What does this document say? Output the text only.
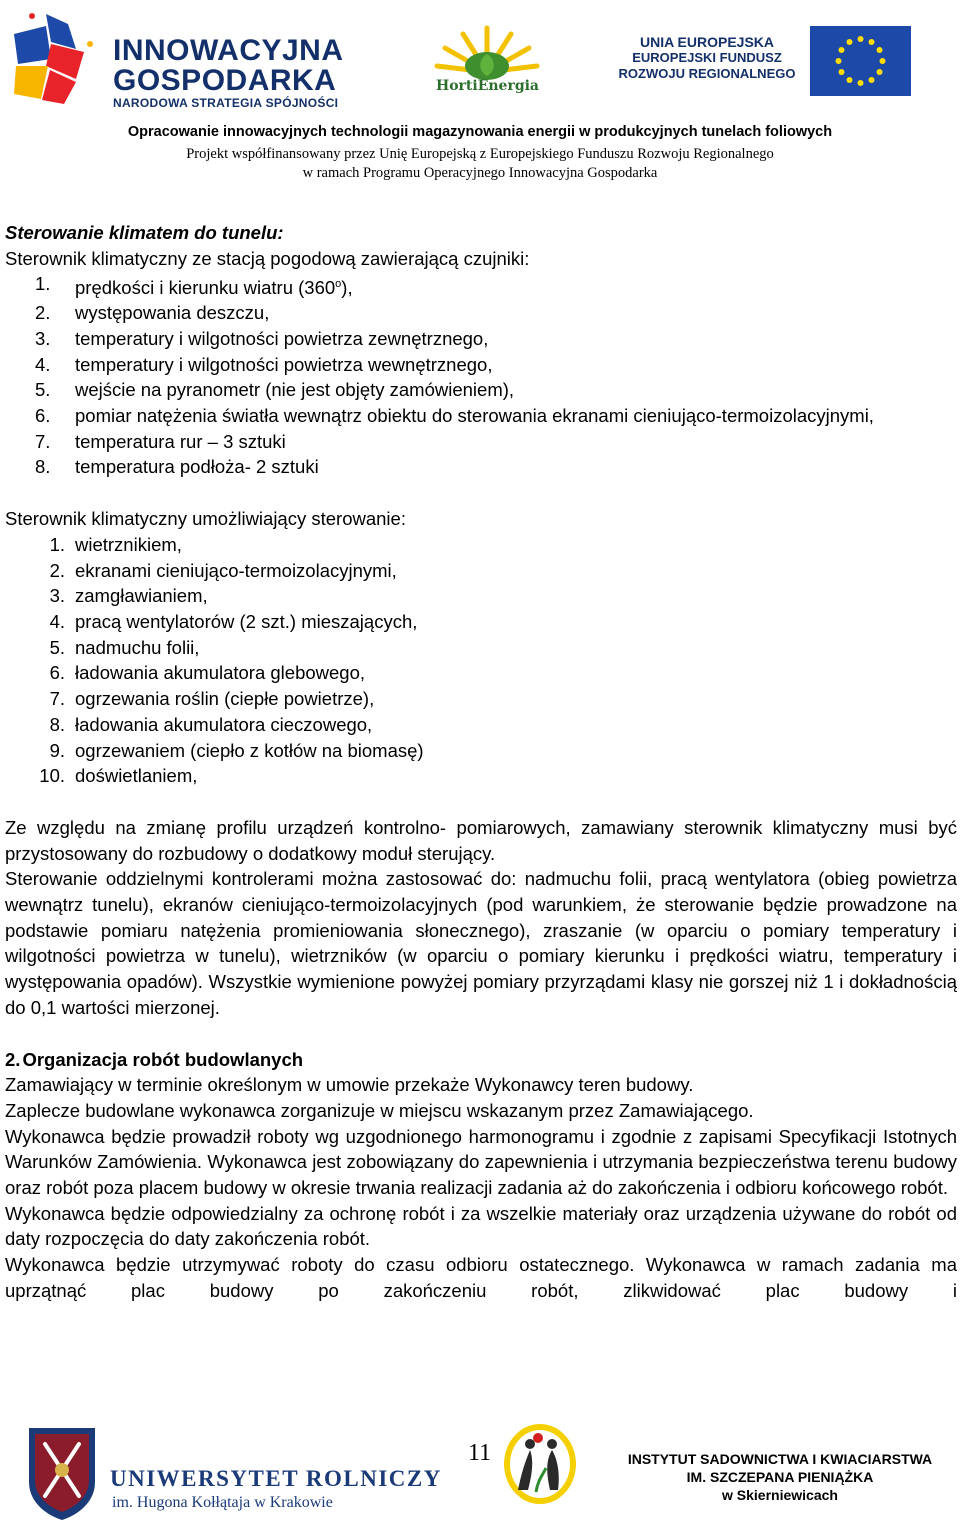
INNOWACYJNA
GOSPODARKA
NARODOWA STRATEGIA SPÓJNOŚCI
HortiEnergia
UNIA EUROPEJSKA
EUROPEJSKI FUNDUSZ
ROZWOJU REGIONALNEGO
Opracowanie innowacyjnych technologii magazynowania energii w produkcyjnych tunelach foliowych
Projekt współfinansowany przez Unię Europejską z Europejskiego Funduszu Rozwoju Regionalnego
w ramach Programu Operacyjnego Innowacyjna Gospodarka

Sterowanie klimatem do tunelu:

Sterownik klimatyczny ze stacją pogodową zawierającą czujniki:

1. prędkości i kierunku wiatru (360$^o$),
2. występowania deszczu,
3. temperatury i wilgotności powietrza zewnętrznego,
4. temperatury i wilgotności powietrza wewnętrznego,
5. wejście na pyranometr (nie jest objęty zamówieniem),
6. pomiar natężenia światła wewnątrz obiektu do sterowania ekranami cieniująco-termoizolacyjnymi,
7. temperatura rur – 3 sztuki
8. temperatura podłoża- 2 sztuki

Sterownik klimatyczny umożliwiający sterowanie:

1. wietrznikiem,
2. ekranami cieniująco-termoizolacyjnymi,
3. zamgławianiem,
4. pracą wentylatorów (2 szt.) mieszających,
5. nadmuchu folii,
6. ładowania akumulatora glebowego,
7. ogrzewania roślin (ciepłe powietrze),
8. ładowania akumulatora cieczowego,
9. ogrzewaniem (ciepło z kotłów na biomasę)
10. doświetlaniem,

Ze względu na zmianę profilu urządzeń kontrolno- pomiarowych, zamawiany sterownik klimatyczny musi być przystosowany do rozbudowy o dodatkowy moduł sterujący.

Sterowanie oddzielnymi kontrolerami można zastosować do: nadmuchu folii, pracą wentylatora (obieg powietrza wewnątrz tunelu), ekranów cieniująco-termoizolacyjnych (pod warunkiem, że sterowanie będzie prowadzone na podstawie pomiaru natężenia promieniowania słonecznego), zraszanie (w oparciu o pomiary temperatury i wilgotności powietrza w tunelu), wietrzników (w oparciu o pomiary kierunku i prędkości wiatru, temperatury i występowania opadów). Wszystkie wymienione powyżej pomiary przyrządami klasy nie gorszej niż 1 i dokładnością do 0,1 wartości mierzonej.

2. Organizacja robót budowlanych

Zamawiający w terminie określonym w umowie przekaże Wykonawcy teren budowy.

Zaplecze budowlane wykonawca zorganizuje w miejscu wskazanym przez Zamawiającego.

Wykonawca będzie prowadził roboty wg uzgodnionego harmonogramu i zgodnie z zapisami Specyfikacji Istotnych Warunków Zamówienia. Wykonawca jest zobowiązany do zapewnienia i utrzymania bezpieczeństwa terenu budowy oraz robót poza placem budowy w okresie trwania realizacji zadania aż do zakończenia i odbioru końcowego robót.

Wykonawca będzie odpowiedzialny za ochronę robót i za wszelkie materiały oraz urządzenia używane do robót od daty rozpoczęcia do daty zakończenia robót.

Wykonawca będzie utrzymywać roboty do czasu odbioru ostatecznego. Wykonawca w ramach zadania ma uprzątnąć plac budowy po zakończeniu robót, zlikwidować plac budowy i

UNIWERSYTET ROLNICZY
im. Hugona Kołłątaja w Krakowie
11	INSTYTUT SADOWNICTWA I KWIACIARSTWA
IM. SZCZEPANA PIENIĄŻKA
w Skierniewicach
